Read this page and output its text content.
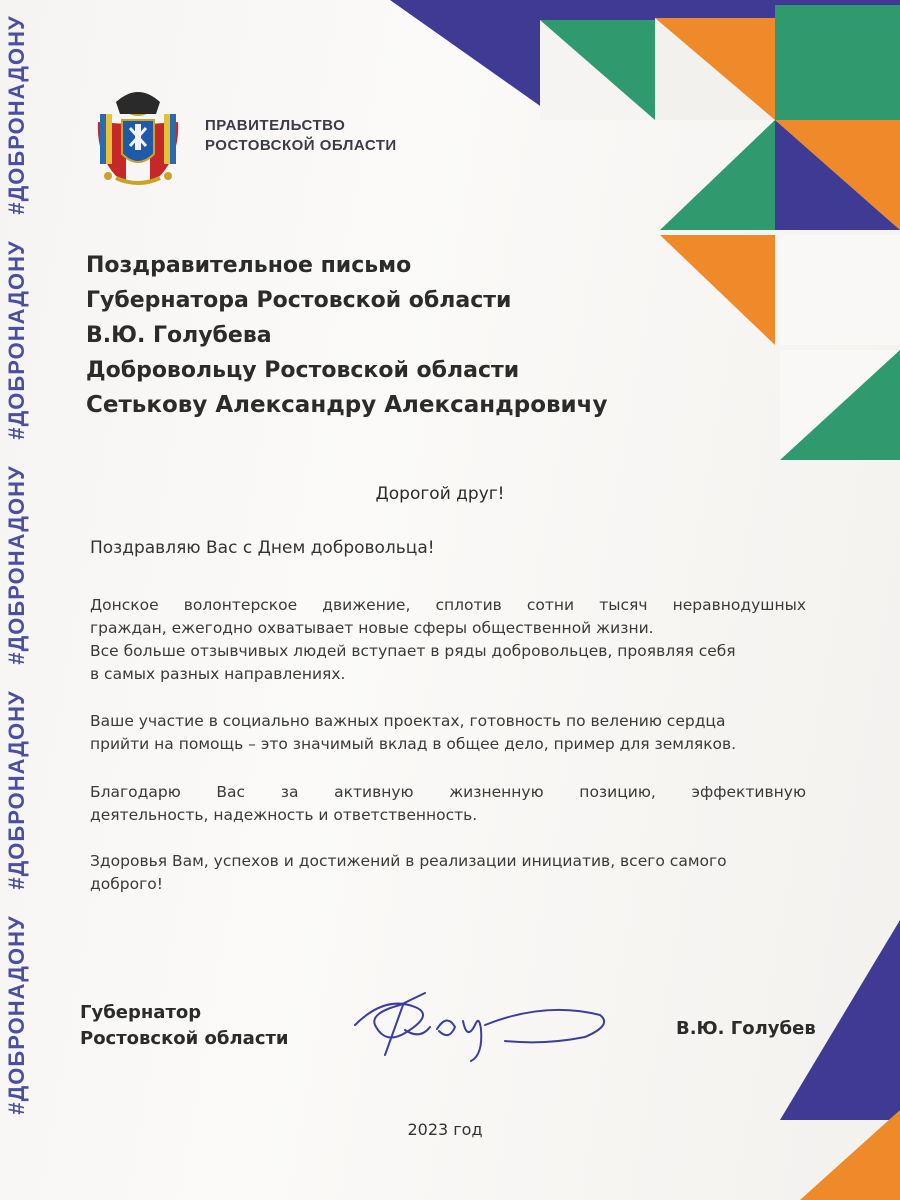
#ДОБРОНАДОНУ
#ДОБРОНАДОНУ
#ДОБРОНАДОНУ
#ДОБРОНАДОНУ
#ДОБРОНАДОНУ
ПРАВИТЕЛЬСТВО
РОСТОВСКОЙ ОБЛАСТИ
Поздравительное письмо
Губернатора Ростовской области
В.Ю. Голубева
Добровольцу Ростовской области
Сетькову Александру Александровичу
Дорогой друг!
Поздравляю Вас с Днем добровольца!
Донское волонтерское движение, сплотив сотни тысяч неравнодушных
граждан, ежегодно охватывает новые сферы общественной жизни.
Все больше отзывчивых людей вступает в ряды добровольцев, проявляя себя
в самых разных направлениях.
Ваше участие в социально важных проектах, готовность по велению сердца
прийти на помощь – это значимый вклад в общее дело, пример для земляков.
Благодарю Вас за активную жизненную позицию, эффективную
деятельность, надежность и ответственность.
Здоровья Вам, успехов и достижений в реализации инициатив, всего самого
доброго!
Губернатор
Ростовской области	В.Ю. Голубев
2023 год
